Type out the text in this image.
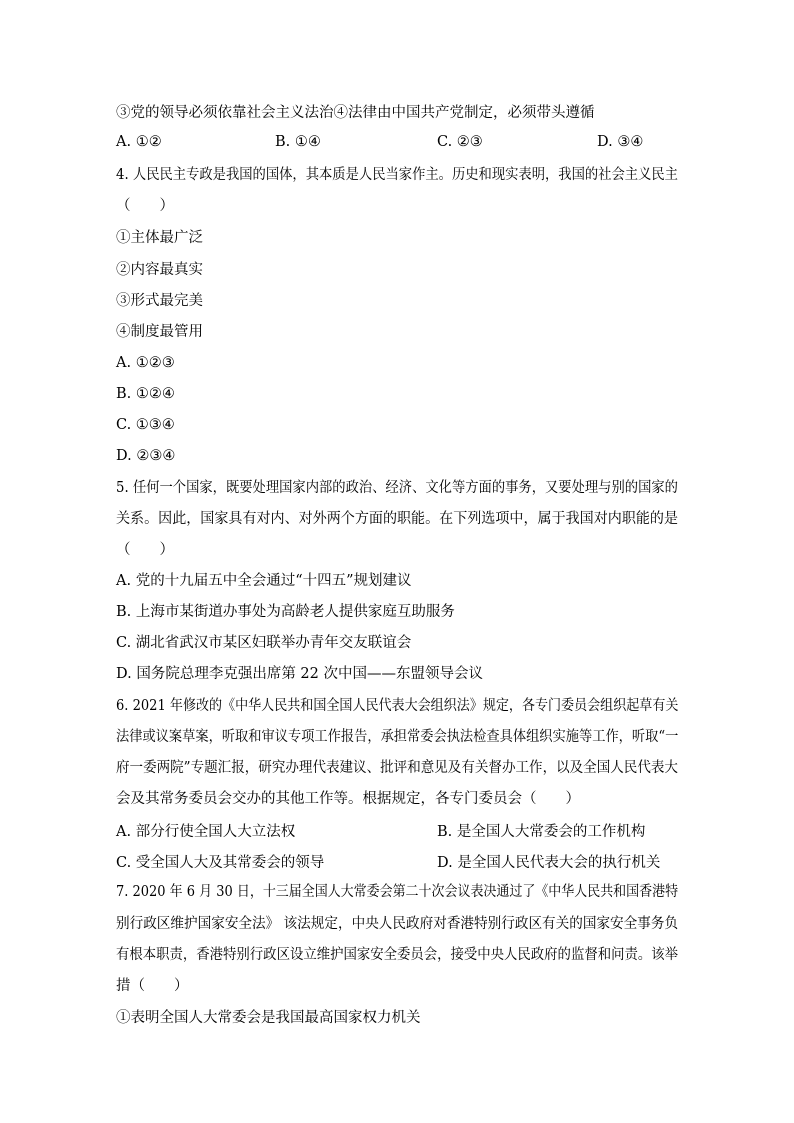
③党的领导必须依靠社会主义法治④法律由中国共产党制定，必须带头遵循
A. ①②	B. ①④	C. ②③	D. ③④
4. 人民民主专政是我国的国体，其本质是人民当家作主。历史和现实表明，我国的社会主义民主
（　　）
①主体最广泛
②内容最真实
③形式最完美
④制度最管用
A. ①②③
B. ①②④
C. ①③④
D. ②③④
5. 任何一个国家，既要处理国家内部的政治、经济、文化等方面的事务，又要处理与别的国家的
关系。因此，国家具有对内、对外两个方面的职能。在下列选项中，属于我国对内职能的是
（　　）
A. 党的十九届五中全会通过“十四五”规划建议
B. 上海市某街道办事处为高龄老人提供家庭互助服务
C. 湖北省武汉市某区妇联举办青年交友联谊会
D. 国务院总理李克强出席第 22 次中国——东盟领导会议
6. 2021 年修改的《中华人民共和国全国人民代表大会组织法》规定，各专门委员会组织起草有关
法律或议案草案，听取和审议专项工作报告，承担常委会执法检查具体组织实施等工作，听取“一
府一委两院”专题汇报，研究办理代表建议、批评和意见及有关督办工作，以及全国人民代表大
会及其常务委员会交办的其他工作等。根据规定，各专门委员会（　　）
A. 部分行使全国人大立法权	B. 是全国人大常委会的工作机构
C. 受全国人大及其常委会的领导	D. 是全国人民代表大会的执行机关
7. 2020 年 6 月 30 日，十三届全国人大常委会第二十次会议表决通过了《中华人民共和国香港特
别行政区维护国家安全法》 该法规定，中央人民政府对香港特别行政区有关的国家安全事务负
有根本职责，香港特别行政区设立维护国家安全委员会，接受中央人民政府的监督和问责。该举
措（　　）
①表明全国人大常委会是我国最高国家权力机关
